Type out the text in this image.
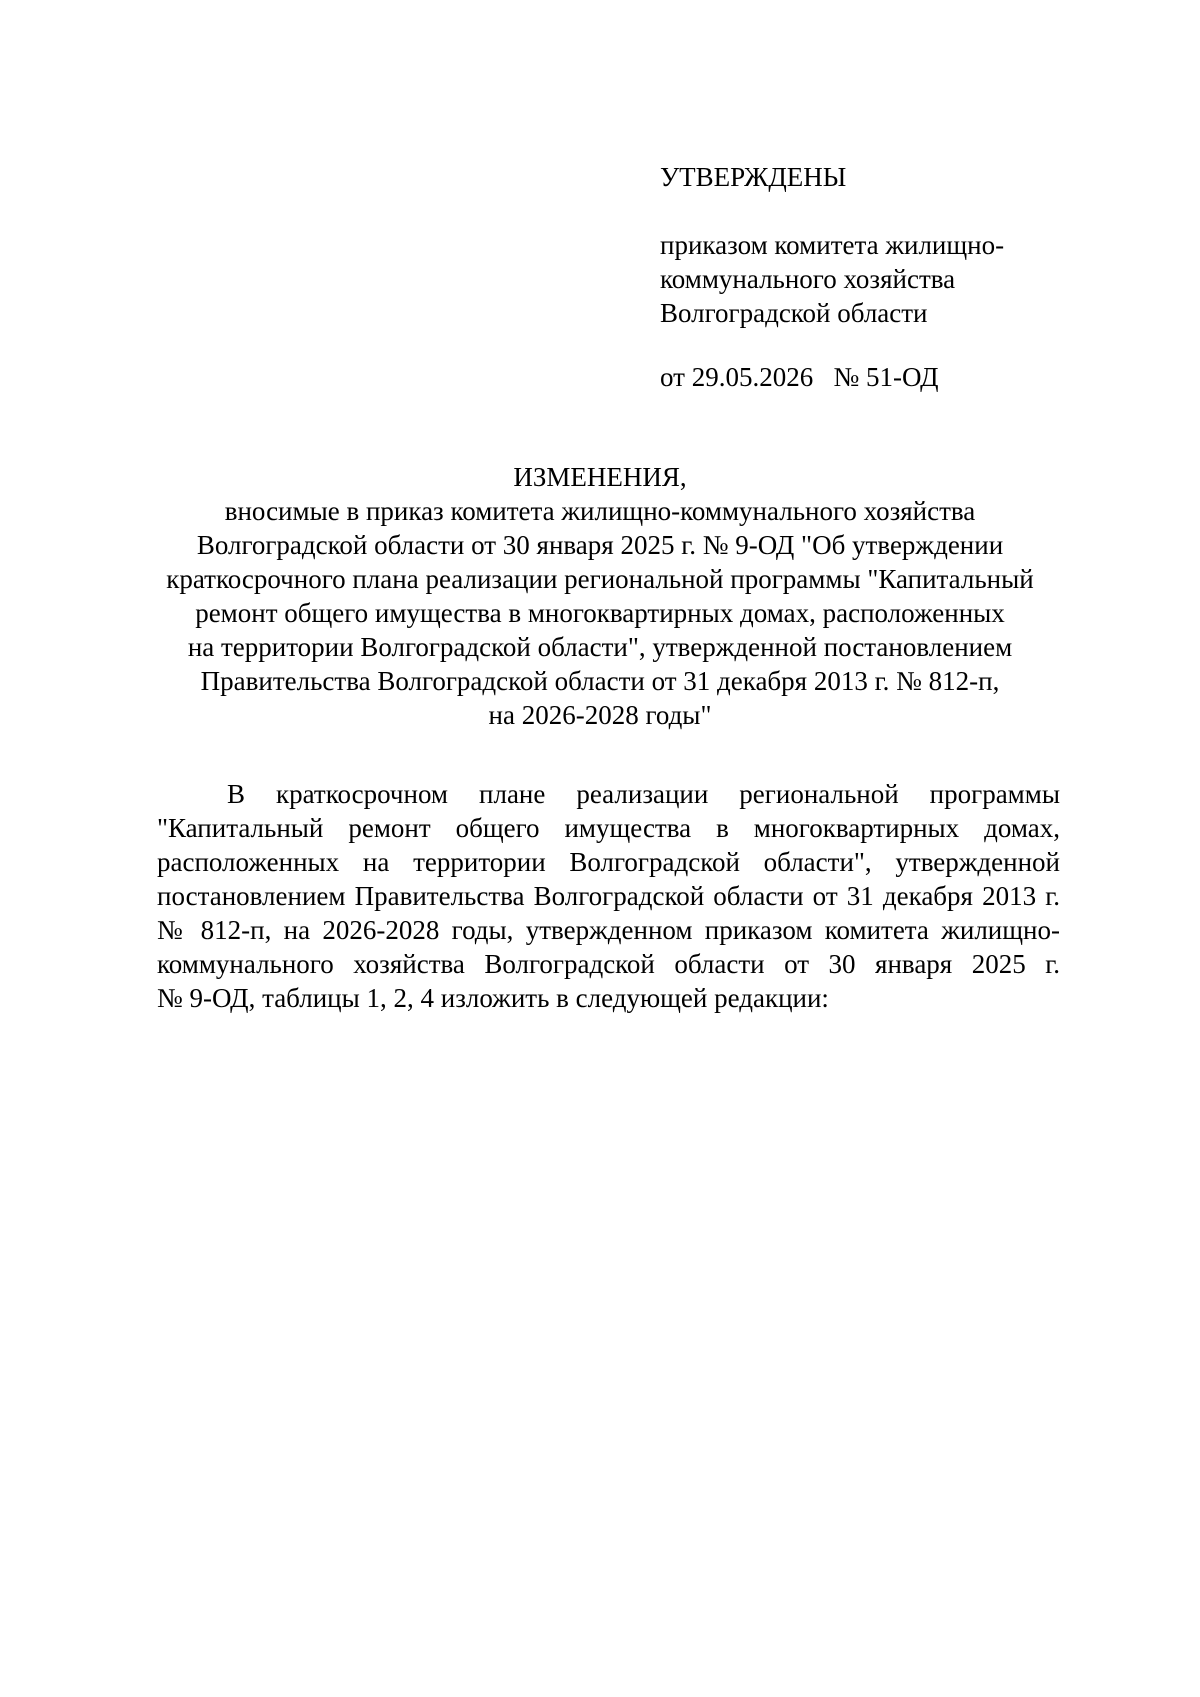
УТВЕРЖДЕНЫ
приказом комитета жилищно-
коммунального хозяйства
Волгоградской области
от 29.05.2026   № 51-ОД
ИЗМЕНЕНИЯ,
вносимые в приказ комитета жилищно-коммунального хозяйства
Волгоградской области от 30 января 2025 г. № 9-ОД "Об утверждении
краткосрочного плана реализации региональной программы "Капитальный
ремонт общего имущества в многоквартирных домах, расположенных
на территории Волгоградской области", утвержденной постановлением
Правительства Волгоградской области от 31 декабря 2013 г. № 812-п,
на 2026-2028 годы"
В краткосрочном плане реализации региональной программы
"Капитальный ремонт общего имущества в многоквартирных домах,
расположенных на территории Волгоградской области", утвержденной
постановлением Правительства Волгоградской области от 31 декабря 2013 г.
№ 812-п, на 2026-2028 годы, утвержденном приказом комитета жилищно-
коммунального хозяйства Волгоградской области от 30 января 2025 г.
№ 9-ОД, таблицы 1, 2, 4 изложить в следующей редакции:
